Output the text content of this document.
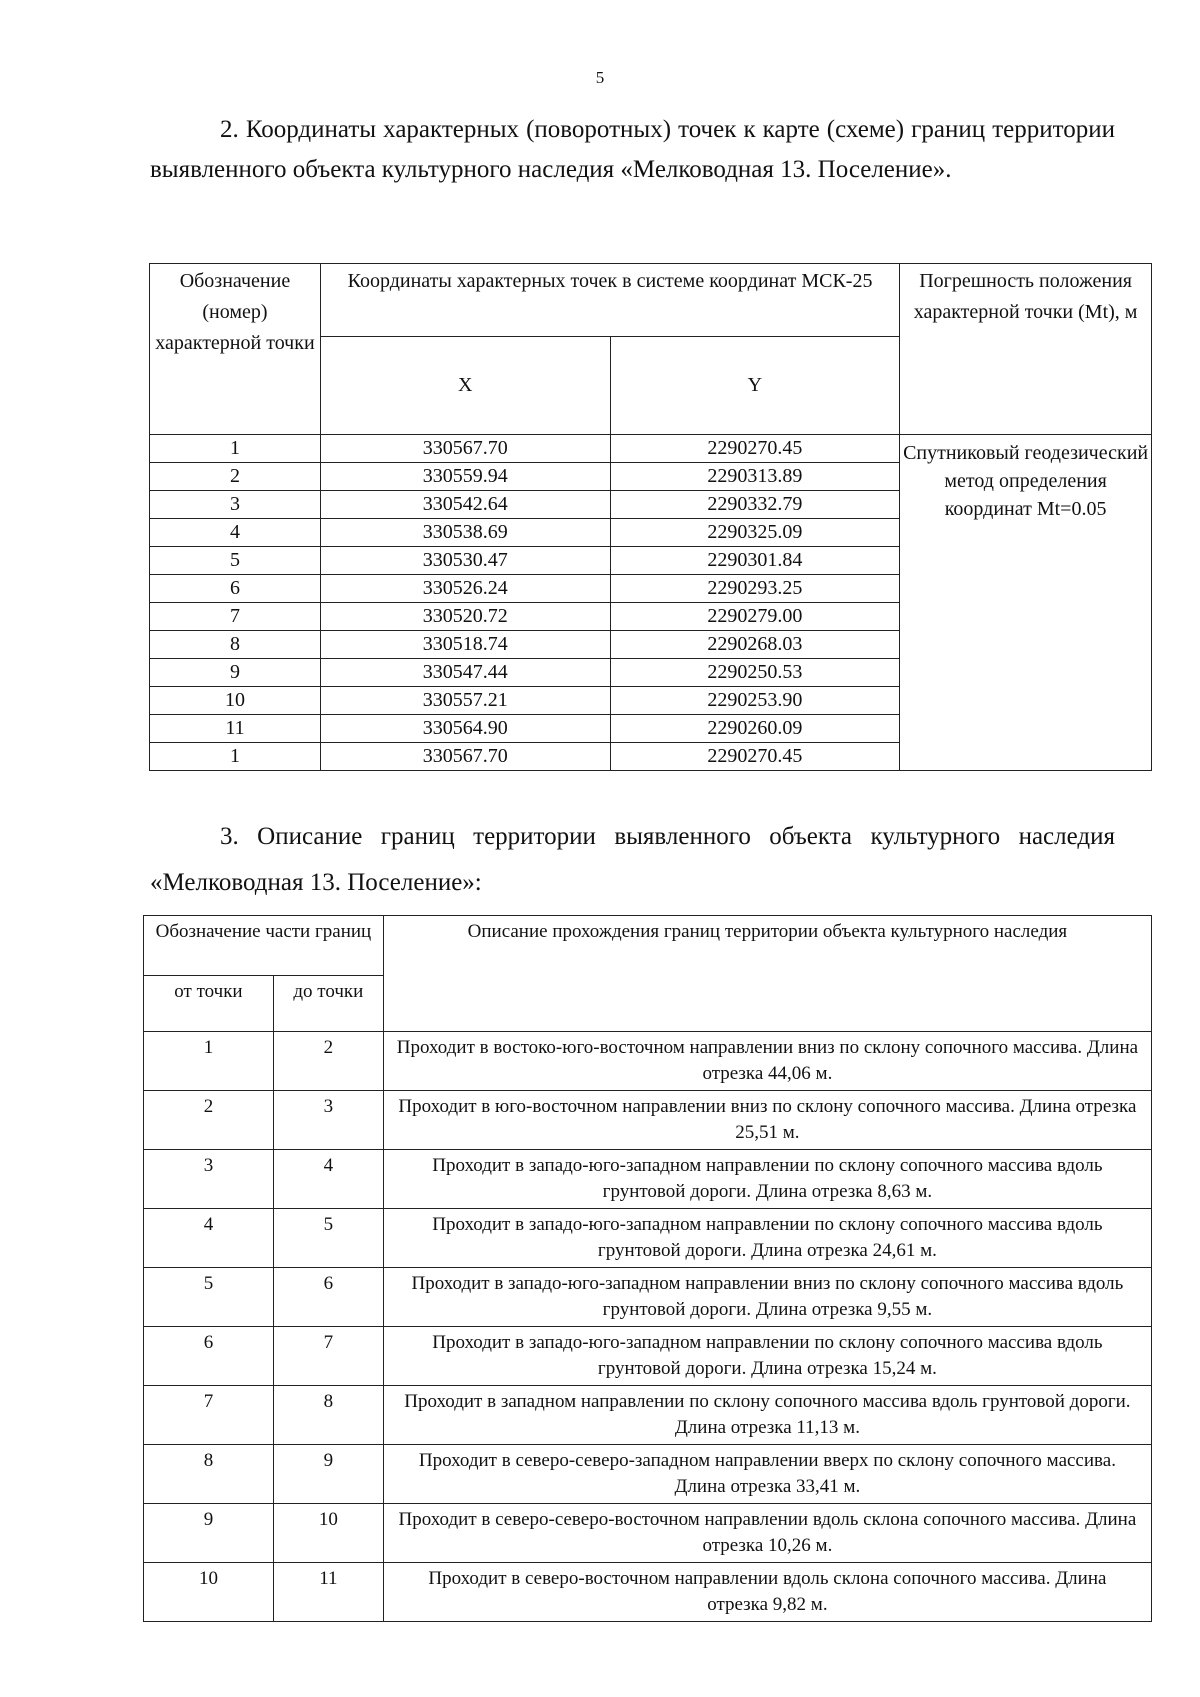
5

2. Координаты характерных (поворотных) точек к карте (схеме) границ территории выявленного объекта культурного наследия «Мелководная 13. Поселение».

Обозначение (номер) характерной точки	Координаты характерных точек в системе координат МСК-25		Погрешность положения характерной точки (Mt), м
	X	Y	
1	330567.70	2290270.45	Спутниковый геодезический метод определения координат Mt=0.05
2	330559.94	2290313.89	
3	330542.64	2290332.79	
4	330538.69	2290325.09	
5	330530.47	2290301.84	
6	330526.24	2290293.25	
7	330520.72	2290279.00	
8	330518.74	2290268.03	
9	330547.44	2290250.53	
10	330557.21	2290253.90	
11	330564.90	2290260.09	
1	330567.70	2290270.45	

3. Описание границ территории выявленного объекта культурного наследия «Мелководная 13. Поселение»:

Обозначение части границ		Описание прохождения границ территории объекта культурного наследия
от точки	до точки	
1	2	Проходит в востоко-юго-восточном направлении вниз по склону сопочного массива. Длина отрезка 44,06 м.
2	3	Проходит в юго-восточном направлении вниз по склону сопочного массива. Длина отрезка 25,51 м.
3	4	Проходит в западо-юго-западном направлении по склону сопочного массива вдоль грунтовой дороги. Длина отрезка 8,63 м.
4	5	Проходит в западо-юго-западном направлении по склону сопочного массива вдоль грунтовой дороги. Длина отрезка 24,61 м.
5	6	Проходит в западо-юго-западном направлении вниз по склону сопочного массива вдоль грунтовой дороги. Длина отрезка 9,55 м.
6	7	Проходит в западо-юго-западном направлении по склону сопочного массива вдоль грунтовой дороги. Длина отрезка 15,24 м.
7	8	Проходит в западном направлении по склону сопочного массива вдоль грунтовой дороги. Длина отрезка 11,13 м.
8	9	Проходит в северо-северо-западном направлении вверх по склону сопочного массива. Длина отрезка 33,41 м.
9	10	Проходит в северо-северо-восточном направлении вдоль склона сопочного массива. Длина отрезка 10,26 м.
10	11	Проходит в северо-восточном направлении вдоль склона сопочного массива. Длина отрезка 9,82 м.
